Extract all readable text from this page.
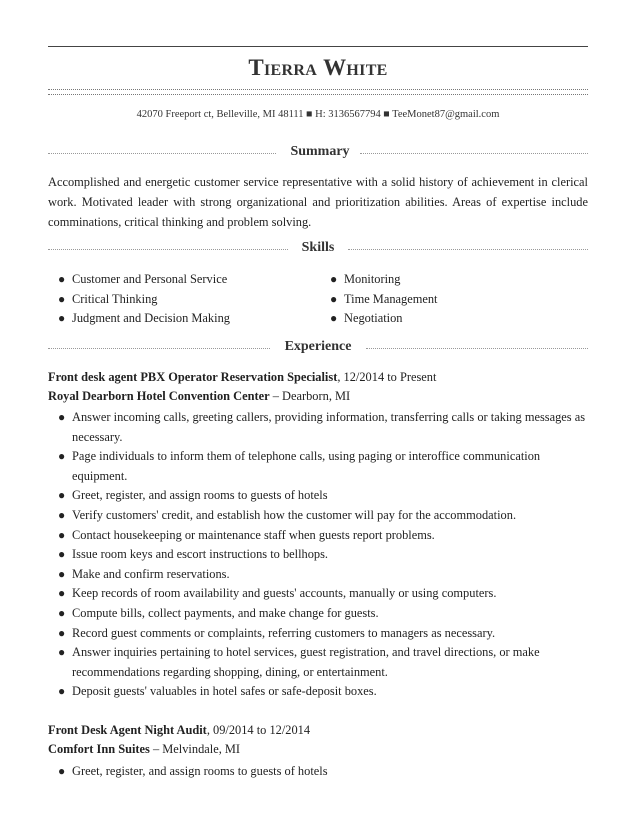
Tierra White
42070 Freeport ct, Belleville, MI 48111 ■ H: 3136567794 ■ TeeMonet87@gmail.com
Summary
Accomplished and energetic customer service representative with a solid history of achievement in clerical work. Motivated leader with strong organizational and prioritization abilities. Areas of expertise include comminations, critical thinking and problem solving.
Skills
● Customer and Personal Service
● Critical Thinking
● Judgment and Decision Making
● Monitoring
● Time Management
● Negotiation
Experience
Front desk agent PBX Operator Reservation Specialist, 12/2014 to Present
Royal Dearborn Hotel Convention Center – Dearborn, MI
● Answer incoming calls, greeting callers, providing information, transferring calls or taking messages as necessary.
● Page individuals to inform them of telephone calls, using paging or interoffice communication equipment.
● Greet, register, and assign rooms to guests of hotels
● Verify customers' credit, and establish how the customer will pay for the accommodation.
● Contact housekeeping or maintenance staff when guests report problems.
● Issue room keys and escort instructions to bellhops.
● Make and confirm reservations.
● Keep records of room availability and guests' accounts, manually or using computers.
● Compute bills, collect payments, and make change for guests.
● Record guest comments or complaints, referring customers to managers as necessary.
● Answer inquiries pertaining to hotel services, guest registration, and travel directions, or make recommendations regarding shopping, dining, or entertainment.
● Deposit guests' valuables in hotel safes or safe-deposit boxes.
Front Desk Agent Night Audit, 09/2014 to 12/2014
Comfort Inn Suites – Melvindale, MI
● Greet, register, and assign rooms to guests of hotels
